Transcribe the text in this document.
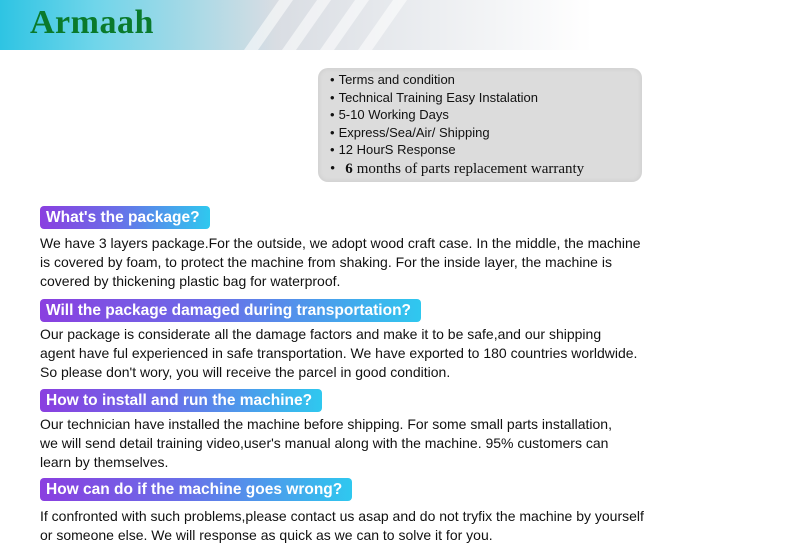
Armaah
• Terms and condition
• Technical Training Easy Instalation
• 5-10 Working Days
• Express/Sea/Air/ Shipping
• 12 HourS Response
• 6 months of parts replacement warranty
What's the package?
We have 3 layers package.For the outside, we adopt wood craft case. In the middle, the machine
is covered by foam, to protect the machine from shaking. For the inside layer, the machine is
covered by thickening plastic bag for waterproof.
Will the package damaged during transportation?
Our package is considerate all the damage factors and make it to be safe,and our shipping
agent have ful experienced in safe transportation. We have exported to 180 countries worldwide.
So please don't wory, you will receive the parcel in good condition.
How to install and run the machine?
Our technician have installed the machine before shipping. For some small parts installation,
we will send detail training video,user's manual along with the machine. 95% customers can
learn by themselves.
How can do if the machine goes wrong?
If confronted with such problems,please contact us asap and do not tryfix the machine by yourself
or someone else. We will response as quick as we can to solve it for you.
